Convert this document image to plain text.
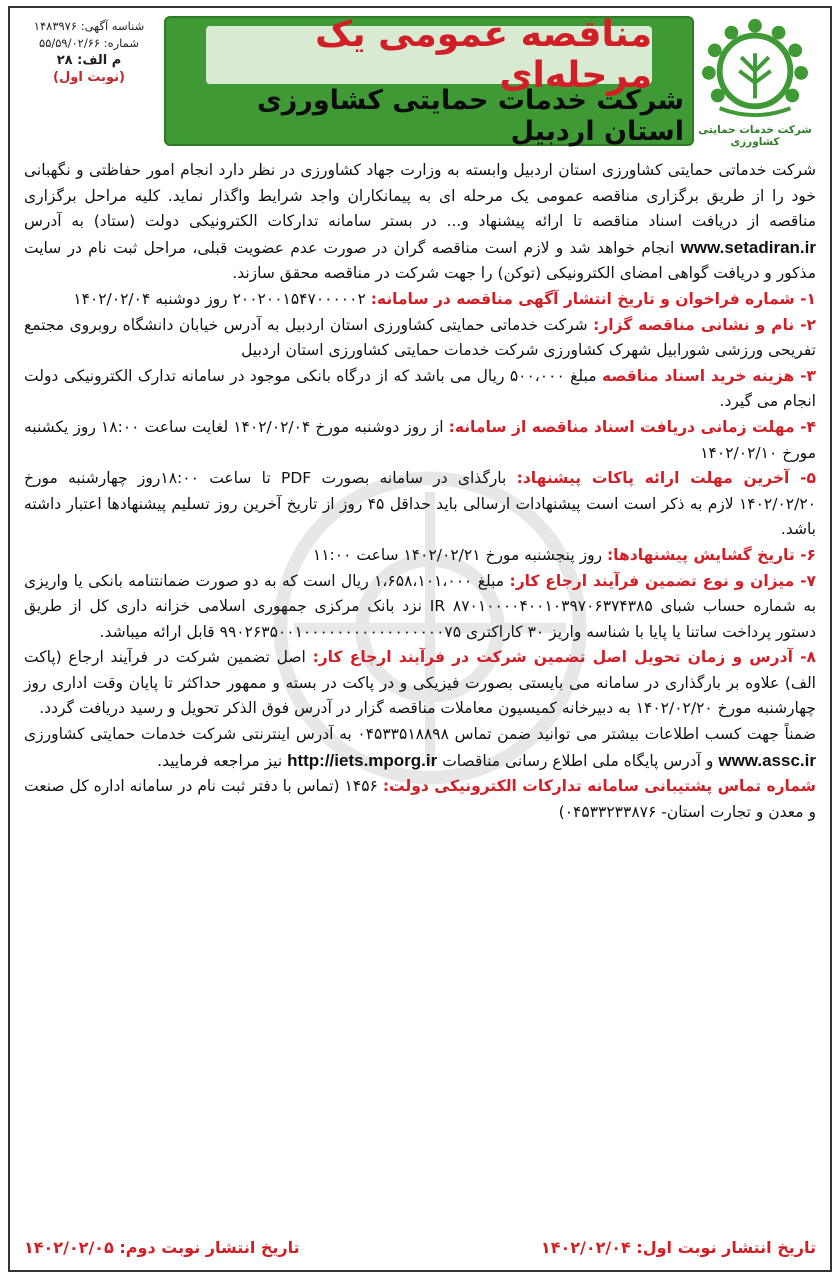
شناسه آگهی: ۱۴۸۳۹۷۶
شماره: ۵۵/۵۹/۰۲/۶۶
م الف: ۲۸
(نوبت اول)
مناقصه عمومی یک مرحله‌ای
شرکت خدمات حمایتی کشاورزی استان اردبیل	شرکت خدمات حمایتی کشاورزی

شرکت خدماتی حمایتی کشاورزی استان اردبیل وابسته به وزارت جهاد کشاورزی در نظر دارد انجام امور حفاظتی و نگهبانی خود را از طریق برگزاری مناقصه عمومی یک مرحله ای به پیمانکاران واجد شرایط واگذار نماید. کلیه مراحل برگزاری مناقصه از دریافت اسناد مناقصه تا ارائه پیشنهاد و... در بستر سامانه تدارکات الکترونیکی دولت (ستاد) به آدرس www.setadiran.ir انجام خواهد شد و لازم است مناقصه گران در صورت عدم عضویت قبلی، مراحل ثبت نام در سایت مذکور و دریافت گواهی امضای الکترونیکی (توکن) را جهت شرکت در مناقصه محقق سازند.

۱- شماره فراخوان و تاریخ انتشار آگهی مناقصه در سامانه: ۲۰۰۲۰۰۱۵۴۷۰۰۰۰۰۲ روز دوشنبه ۱۴۰۲/۰۲/۰۴

۲- نام و نشانی مناقصه گزار: شرکت خدماتی حمایتی کشاورزی استان اردبیل به آدرس خیابان دانشگاه روبروی مجتمع تفریحی ورزشی شورابیل شهرک کشاورزی شرکت خدمات حمایتی کشاورزی استان اردبیل

۳- هزینه خرید اسناد مناقصه مبلغ ۵۰۰،۰۰۰ ریال می باشد که از درگاه بانکی موجود در سامانه تدارک الکترونیکی دولت انجام می گیرد.

۴- مهلت زمانی دریافت اسناد مناقصه از سامانه: از روز دوشنبه مورخ ۱۴۰۲/۰۲/۰۴ لغایت ساعت ۱۸:۰۰ روز یکشنبه مورخ ۱۴۰۲/۰۲/۱۰

۵- آخرین مهلت ارائه پاکات پیشنهاد: بارگذای در سامانه بصورت PDF تا ساعت ۱۸:۰۰روز چهارشنبه مورخ ۱۴۰۲/۰۲/۲۰ لازم به ذکر است است پیشنهادات ارسالی باید حداقل ۴۵ روز از تاریخ آخرین روز تسلیم پیشنهادها اعتبار داشته باشد.

۶- تاریخ گشایش پیشنهادها: روز پنجشنبه مورخ ۱۴۰۲/۰۲/۲۱ ساعت ۱۱:۰۰

۷- میزان و نوع تضمین فرآیند ارجاع کار: مبلغ ۱،۶۵۸،۱۰۱،۰۰۰ ریال است که به دو صورت ضمانتنامه بانکی یا واریزی به شماره حساب شبای IR ۸۷۰۱۰۰۰۰۴۰۰۱۰۳۹۷۰۶۳۷۴۳۸۵ نزد بانک مرکزی جمهوری اسلامی خزانه داری کل از طریق دستور پرداخت ساتنا یا پایا با شناسه واریز ۳۰ کاراکتری ۹۹۰۲۶۳۵۰۰۱۰۰۰۰۰۰۰۰۰۰۰۰۰۰۰۰۰۷۵ قابل ارائه میباشد.

۸- آدرس و زمان تحویل اصل تضمین شرکت در فرآیند ارجاع کار: اصل تضمین شرکت در فرآیند ارجاع (پاکت الف) علاوه بر بارگذاری در سامانه می بایستی بصورت فیزیکی و در پاکت در بسته و ممهور حداکثر تا پایان وقت اداری روز چهارشنبه مورخ ۱۴۰۲/۰۲/۲۰ به دبیرخانه کمیسیون معاملات مناقصه گزار در آدرس فوق الذکر تحویل و رسید دریافت گردد.

ضمناً جهت کسب اطلاعات بیشتر می توانید ضمن تماس ۰۴۵۳۳۵۱۸۸۹۸ به آدرس اینترنتی شرکت خدمات حمایتی کشاورزی www.assc.ir و آدرس پایگاه ملی اطلاع رسانی مناقصات http://iets.mporg.ir نیز مراجعه فرمایید.

شماره تماس پشتیبانی سامانه تدارکات الکترونیکی دولت: ۱۴۵۶ (تماس با دفتر ثبت نام در سامانه اداره کل صنعت و معدن و تجارت استان- ۰۴۵۳۳۲۳۳۸۷۶)

تاریخ انتشار نوبت اول: ۱۴۰۲/۰۲/۰۴
تاریخ انتشار نوبت دوم: ۱۴۰۲/۰۲/۰۵
